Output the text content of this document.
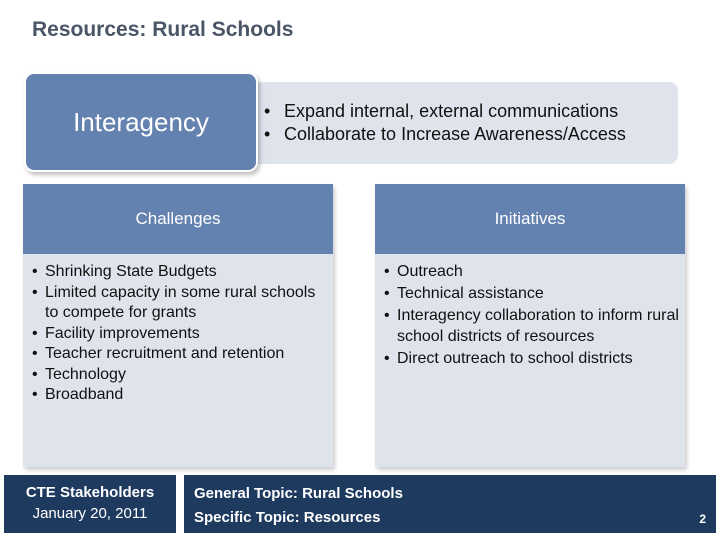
Resources: Rural Schools
Interagency
•	Expand internal, external communications
• Collaborate to Increase Awareness/Access
Challenges
• Shrinking State Budgets
• Limited capacity in some rural schools to compete for grants
• Facility improvements
• Teacher recruitment and retention
• Technology
• Broadband
Initiatives
• Outreach
• Technical assistance
• Interagency collaboration to inform rural school districts of resources
• Direct outreach to school districts
CTE Stakeholders
January 20, 2011
General Topic: Rural Schools
Specific Topic: Resources	2
